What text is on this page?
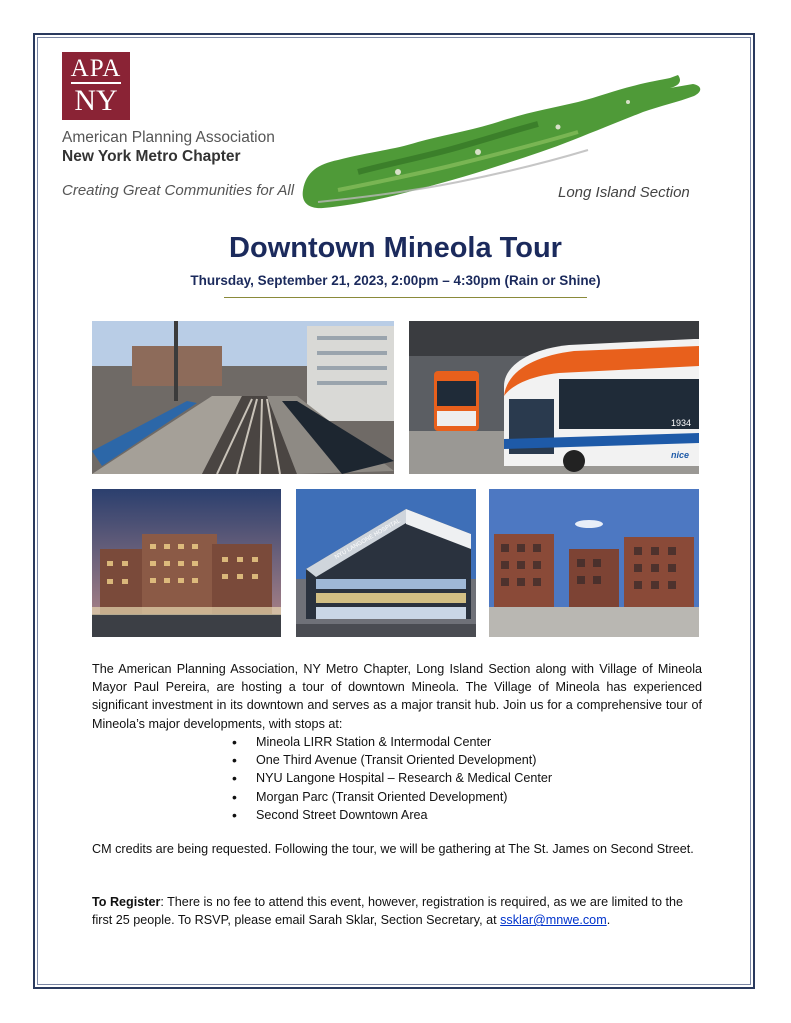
APA
NY
American Planning Association
New York Metro Chapter
Creating Great Communities for All	Long Island Section
Downtown Mineola Tour
Thursday, September 21, 2023, 2:00pm – 4:30pm (Rain or Shine)
1934
nice
NYU LANGONE HOSPITAL
The American Planning Association, NY Metro Chapter, Long Island Section along with Village of Mineola Mayor Paul Pereira, are hosting a tour of downtown Mineola. The Village of Mineola has experienced significant investment in its downtown and serves as a major transit hub. Join us for a comprehensive tour of Mineola’s major developments, with stops at:
• Mineola LIRR Station & Intermodal Center
• One Third Avenue (Transit Oriented Development)
• NYU Langone Hospital – Research & Medical Center
• Morgan Parc (Transit Oriented Development)
• Second Street Downtown Area
CM credits are being requested. Following the tour, we will be gathering at The St. James on Second Street.
To Register: There is no fee to attend this event, however, registration is required, as we are limited to the first 25 people. To RSVP, please email Sarah Sklar, Section Secretary, at ssklar@mnwe.com.
